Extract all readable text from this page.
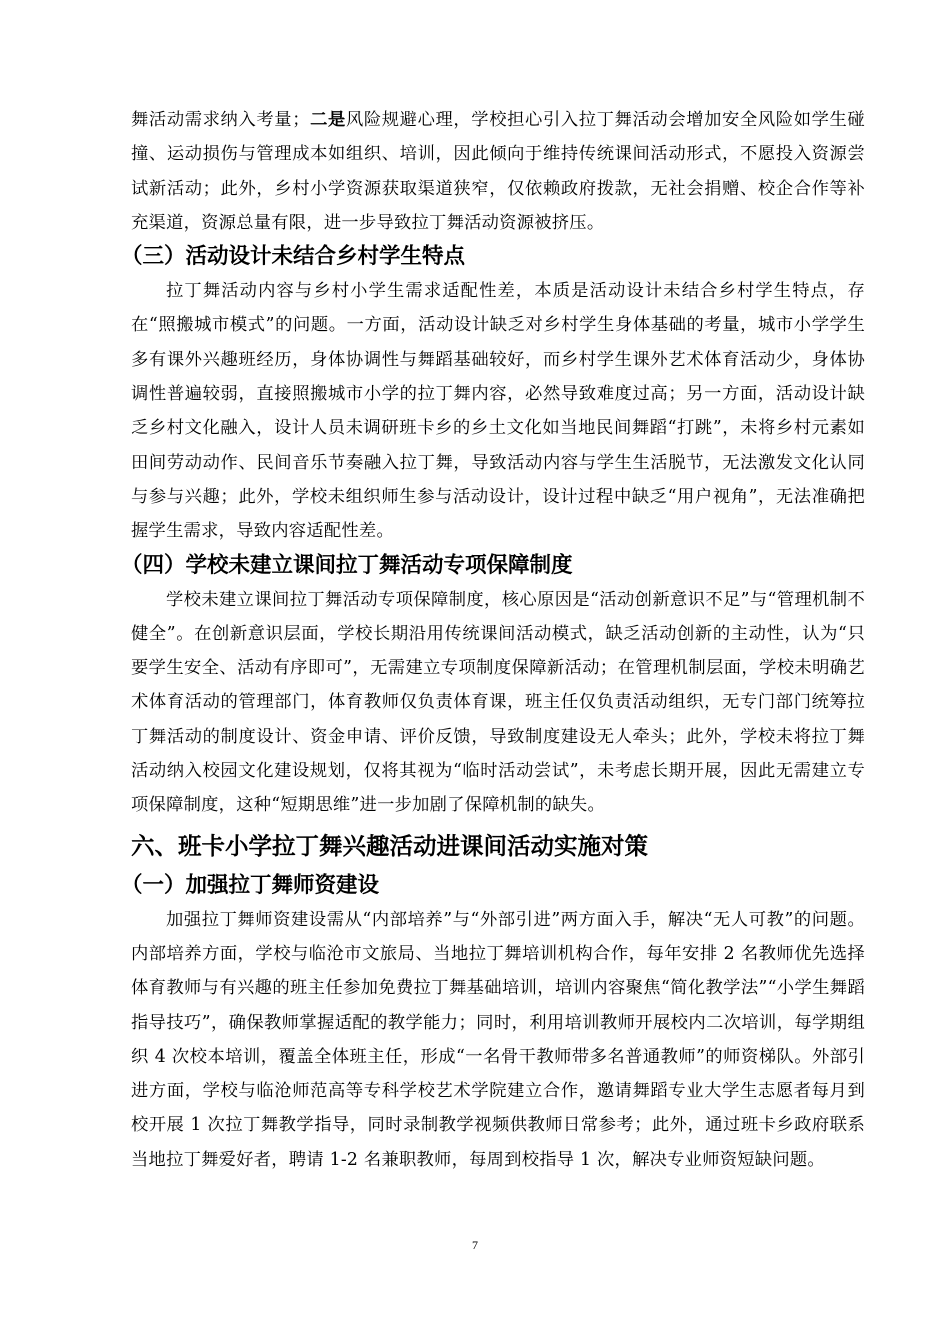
舞活动需求纳入考量；二是风险规避心理，学校担心引入拉丁舞活动会增加安全风险如学生碰撞、运动损伤与管理成本如组织、培训，因此倾向于维持传统课间活动形式，不愿投入资源尝试新活动；此外，乡村小学资源获取渠道狭窄，仅依赖政府拨款，无社会捐赠、校企合作等补充渠道，资源总量有限，进一步导致拉丁舞活动资源被挤压。

（三）活动设计未结合乡村学生特点

拉丁舞活动内容与乡村小学生需求适配性差，本质是活动设计未结合乡村学生特点，存在“照搬城市模式”的问题。一方面，活动设计缺乏对乡村学生身体基础的考量，城市小学学生多有课外兴趣班经历，身体协调性与舞蹈基础较好，而乡村学生课外艺术体育活动少，身体协调性普遍较弱，直接照搬城市小学的拉丁舞内容，必然导致难度过高；另一方面，活动设计缺乏乡村文化融入，设计人员未调研班卡乡的乡土文化如当地民间舞蹈“打跳”，未将乡村元素如田间劳动动作、民间音乐节奏融入拉丁舞，导致活动内容与学生生活脱节，无法激发文化认同与参与兴趣；此外，学校未组织师生参与活动设计，设计过程中缺乏“用户视角”，无法准确把握学生需求，导致内容适配性差。

（四）学校未建立课间拉丁舞活动专项保障制度

学校未建立课间拉丁舞活动专项保障制度，核心原因是“活动创新意识不足”与“管理机制不健全”。在创新意识层面，学校长期沿用传统课间活动模式，缺乏活动创新的主动性，认为“只要学生安全、活动有序即可”，无需建立专项制度保障新活动；在管理机制层面，学校未明确艺术体育活动的管理部门，体育教师仅负责体育课，班主任仅负责活动组织，无专门部门统筹拉丁舞活动的制度设计、资金申请、评价反馈，导致制度建设无人牵头；此外，学校未将拉丁舞活动纳入校园文化建设规划，仅将其视为“临时活动尝试”，未考虑长期开展，因此无需建立专项保障制度，这种“短期思维”进一步加剧了保障机制的缺失。

六、班卡小学拉丁舞兴趣活动进课间活动实施对策
（一）加强拉丁舞师资建设

加强拉丁舞师资建设需从“内部培养”与“外部引进”两方面入手，解决“无人可教”的问题。内部培养方面，学校与临沧市文旅局、当地拉丁舞培训机构合作，每年安排 2 名教师优先选择体育教师与有兴趣的班主任参加免费拉丁舞基础培训，培训内容聚焦“简化教学法”“小学生舞蹈指导技巧”，确保教师掌握适配的教学能力；同时，利用培训教师开展校内二次培训，每学期组织 4 次校本培训，覆盖全体班主任，形成“一名骨干教师带多名普通教师”的师资梯队。外部引进方面，学校与临沧师范高等专科学校艺术学院建立合作，邀请舞蹈专业大学生志愿者每月到校开展 1 次拉丁舞教学指导，同时录制教学视频供教师日常参考；此外，通过班卡乡政府联系当地拉丁舞爱好者，聘请 1-2 名兼职教师，每周到校指导 1 次，解决专业师资短缺问题。

7
